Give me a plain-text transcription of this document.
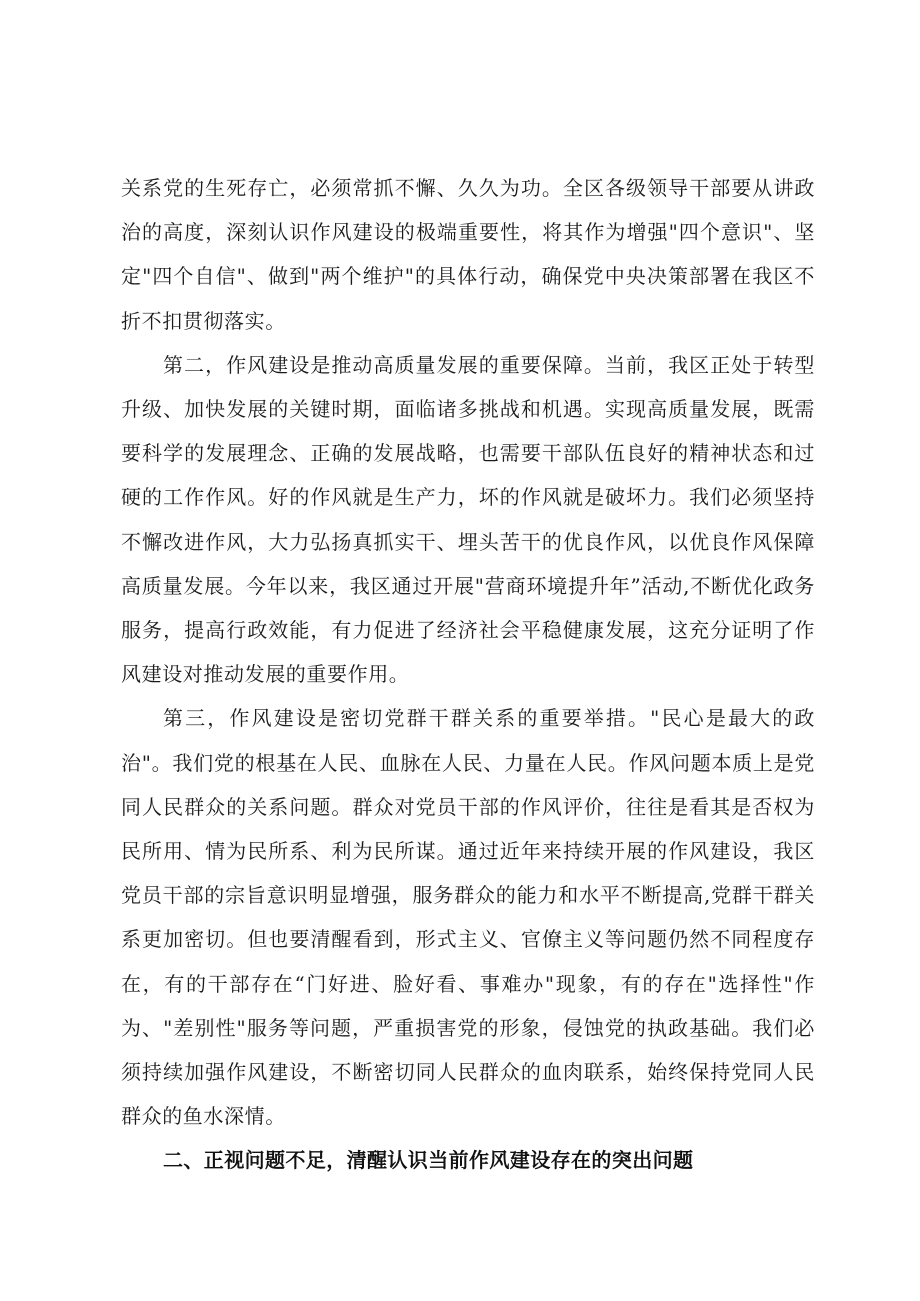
关系党的生死存亡，必须常抓不懈、久久为功。全区各级领导干部要从讲政治的高度，深刻认识作风建设的极端重要性，将其作为增强"四个意识"、坚定"四个自信"、做到"两个维护"的具体行动，确保党中央决策部署在我区不折不扣贯彻落实。

第二，作风建设是推动高质量发展的重要保障。当前，我区正处于转型升级、加快发展的关键时期，面临诸多挑战和机遇。实现高质量发展，既需要科学的发展理念、正确的发展战略，也需要干部队伍良好的精神状态和过硬的工作作风。好的作风就是生产力，坏的作风就是破坏力。我们必须坚持不懈改进作风，大力弘扬真抓实干、埋头苦干的优良作风，以优良作风保障高质量发展。今年以来，我区通过开展"营商环境提升年”活动,不断优化政务服务，提高行政效能，有力促进了经济社会平稳健康发展，这充分证明了作风建设对推动发展的重要作用。

第三，作风建设是密切党群干群关系的重要举措。"民心是最大的政治"。我们党的根基在人民、血脉在人民、力量在人民。作风问题本质上是党同人民群众的关系问题。群众对党员干部的作风评价，往往是看其是否权为民所用、情为民所系、利为民所谋。通过近年来持续开展的作风建设，我区党员干部的宗旨意识明显增强，服务群众的能力和水平不断提高,党群干群关系更加密切。但也要清醒看到，形式主义、官僚主义等问题仍然不同程度存在，有的干部存在“门好进、脸好看、事难办"现象，有的存在"选择性"作为、"差别性"服务等问题，严重损害党的形象，侵蚀党的执政基础。我们必须持续加强作风建设，不断密切同人民群众的血肉联系，始终保持党同人民群众的鱼水深情。

二、正视问题不足，清醒认识当前作风建设存在的突出问题
